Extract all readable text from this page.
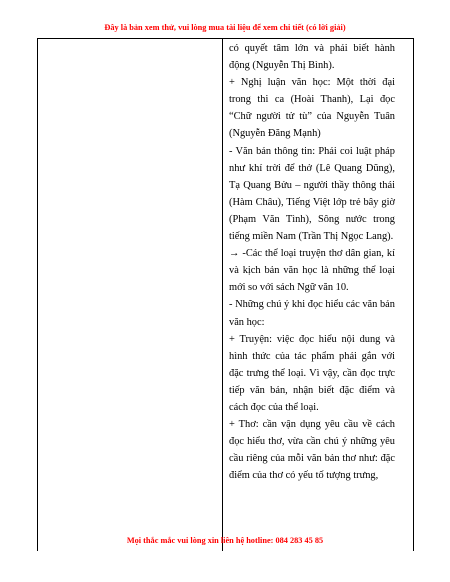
Đây là bản xem thử, vui lòng mua tài liệu để xem chi tiết (có lời giải)

có quyết tâm lớn và phải biết hành động (Nguyễn Thị Bình).

+ Nghị luận văn học: Một thời đại trong thi ca (Hoài Thanh), Lại đọc “Chữ người tử tù” của Nguyễn Tuân (Nguyễn Đăng Mạnh)

- Văn bản thông tin: Phải coi luật pháp như khí trời để thở (Lê Quang Dũng), Tạ Quang Bửu – người thầy thông thái (Hàm Châu), Tiếng Việt lớp trẻ bây giờ (Phạm Văn Tình), Sông nước trong tiếng miền Nam (Trần Thị Ngọc Lang).

→ -Các thể loại truyện thơ dân gian, kí và kịch bản văn học là những thể loại mới so với sách Ngữ văn 10.

- Những chú ý khi đọc hiểu các văn bản văn học:

+ Truyện: việc đọc hiểu nội dung và hình thức của tác phẩm phải gắn với đặc trưng thể loại. Vì vậy, cần đọc trực tiếp văn bản, nhận biết đặc điểm và cách đọc của thể loại.

+ Thơ: cần vận dụng yêu cầu về cách đọc hiểu thơ, vừa cần chú ý những yêu cầu riêng của mỗi văn bản thơ như: đặc điểm của thơ có yếu tố tượng trưng,

Mọi thắc mắc vui lòng xin liên hệ hotline: 084 283 45 85
